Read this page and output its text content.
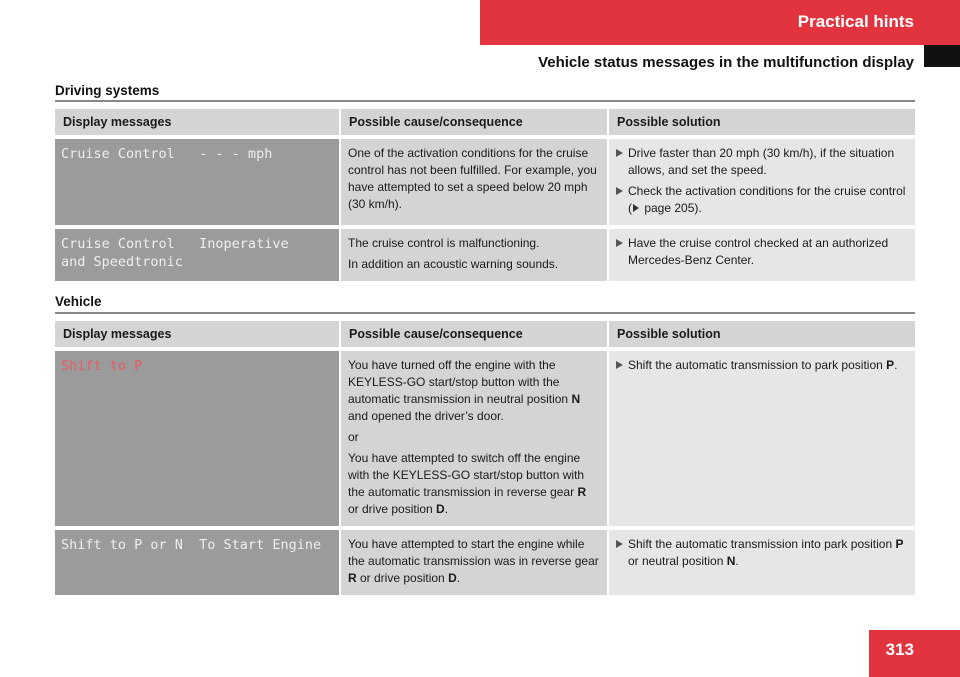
Practical hints
Vehicle status messages in the multifunction display
Driving systems
Display messages	Possible cause/consequence	Possible solution

Cruise Control   - - - mph	One of the activation conditions for the cruise control has not been fulfilled. For example, you have attempted to set a speed below 20 mph (30 km/h).	Drive faster than 20 mph (30 km/h), if the situation allows, and set the speed.
Check the activation conditions for the cruise control ( page 205).

Cruise Control   Inoperative
and Speedtronic	The cruise control is malfunctioning.
In addition an acoustic warning sounds.	Have the cruise control checked at an authorized Mercedes-Benz Center.
Vehicle
Display messages	Possible cause/consequence	Possible solution

Shift to P	You have turned off the engine with the KEYLESS-GO start/stop button with the automatic transmission in neutral position N and opened the driver’s door.
or
You have attempted to switch off the engine with the KEYLESS-GO start/stop button with the automatic transmission in reverse gear R or drive position D.	Shift the automatic transmission to park position P.

Shift to P or N  To Start Engine	You have attempted to start the engine while the automatic transmission was in reverse gear R or drive position D.	Shift the automatic transmission into park position P or neutral position N.
313
